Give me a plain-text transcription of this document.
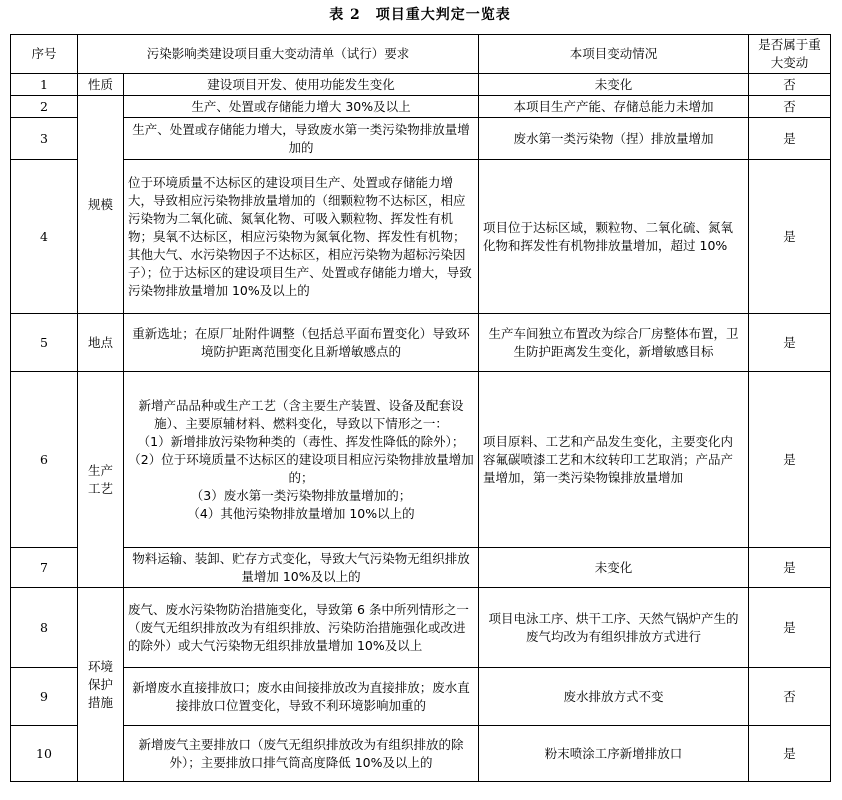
表 2　项目重大判定一览表
序号	污染影响类建设项目重大变动清单（试行）要求		本项目变动情况	是否属于重大变动
1	性质	建设项目开发、使用功能发生变化	未变化	否
2	规模	生产、处置或存储能力增大 30%及以上	本项目生产产能、存储总能力未增加	否
3		生产、处置或存储能力增大，导致废水第一类污染物排放量增加的	废水第一类污染物（捏）排放量增加	是
4		位于环境质量不达标区的建设项目生产、处置或存储能力增大，导致相应污染物排放量增加的（细颗粒物不达标区，相应污染物为二氧化硫、氮氧化物、可吸入颗粒物、挥发性有机物；臭氧不达标区，相应污染物为氮氧化物、挥发性有机物；其他大气、水污染物因子不达标区，相应污染物为超标污染因子）；位于达标区的建设项目生产、处置或存储能力增大，导致污染物排放量增加 10%及以上的	项目位于达标区域，颗粒物、二氧化硫、氮氧化物和挥发性有机物排放量增加，超过 10%	是
5	地点	重新选址；在原厂址附件调整（包括总平面布置变化）导致环境防护距离范围变化且新增敏感点的	生产车间独立布置改为综合厂房整体布置，卫生防护距离发生变化，新增敏感目标	是
6	生产工艺	新增产品品种或生产工艺（含主要生产装置、设备及配套设施）、主要原辅材料、燃料变化，导致以下情形之一：
（1）新增排放污染物种类的（毒性、挥发性降低的除外）；
（2）位于环境质量不达标区的建设项目相应污染物排放量增加的；
（3）废水第一类污染物排放量增加的；
（4）其他污染物排放量增加 10%以上的	项目原料、工艺和产品发生变化，主要变化内容氟碳喷漆工艺和木纹转印工艺取消；产品产量增加，第一类污染物镍排放量增加	是
7		物料运输、装卸、贮存方式变化，导致大气污染物无组织排放量增加 10%及以上的	未变化	是
8	环境保护措施	废气、废水污染物防治措施变化，导致第 6 条中所列情形之一（废气无组织排放改为有组织排放、污染防治措施强化或改进的除外）或大气污染物无组织排放量增加 10%及以上	项目电泳工序、烘干工序、天然气锅炉产生的废气均改为有组织排放方式进行	是
9		新增废水直接排放口；废水由间接排放改为直接排放；废水直接排放口位置变化，导致不利环境影响加重的	废水排放方式不变	否
10		新增废气主要排放口（废气无组织排放改为有组织排放的除外）；主要排放口排气筒高度降低 10%及以上的	粉末喷涂工序新增排放口	是
